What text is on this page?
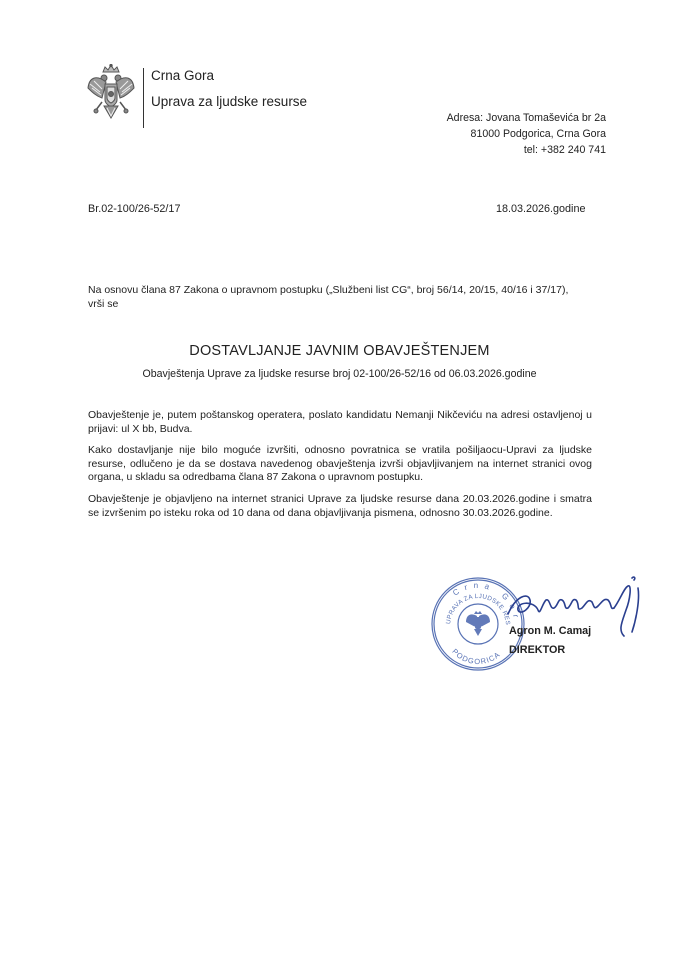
Crna Gora
Uprava za ljudske resurse
Adresa: Jovana Tomaševića br 2a
81000 Podgorica, Crna Gora
tel: +382 240 741
Br.02-100/26-52/17	18.03.2026.godine
Na osnovu člana 87 Zakona o upravnom postupku („Službeni list CG“, broj 56/14, 20/15, 40/16 i 37/17),
vrši se
DOSTAVLJANJE JAVNIM OBAVJEŠTENJEM
Obavještenja Uprave za ljudske resurse broj 02-100/26-52/16 od 06.03.2026.godine
Obavještenje je, putem poštanskog operatera, poslato kandidatu Nemanji Nikčeviću na adresi ostavljenoj u prijavi: ul X bb, Budva.
Kako dostavljanje nije bilo moguće izvršiti, odnosno povratnica se vratila pošiljaocu-Upravi za ljudske resurse, odlučeno je da se dostava navedenog obavještenja izvrši objavljivanjem na internet stranici ovog organa, u skladu sa odredbama člana 87 Zakona o upravnom postupku.
Obavještenje je objavljeno na internet stranici Uprave za ljudske resurse dana 20.03.2026.godine i smatra se izvršenim po isteku roka od 10 dana od dana objavljivanja pismena, odnosno 30.03.2026.godine.
Crna Gor
UPRAVA ZA LJUDSKE RES
PODGORICA
Agron M. Camaj
DIREKTOR
